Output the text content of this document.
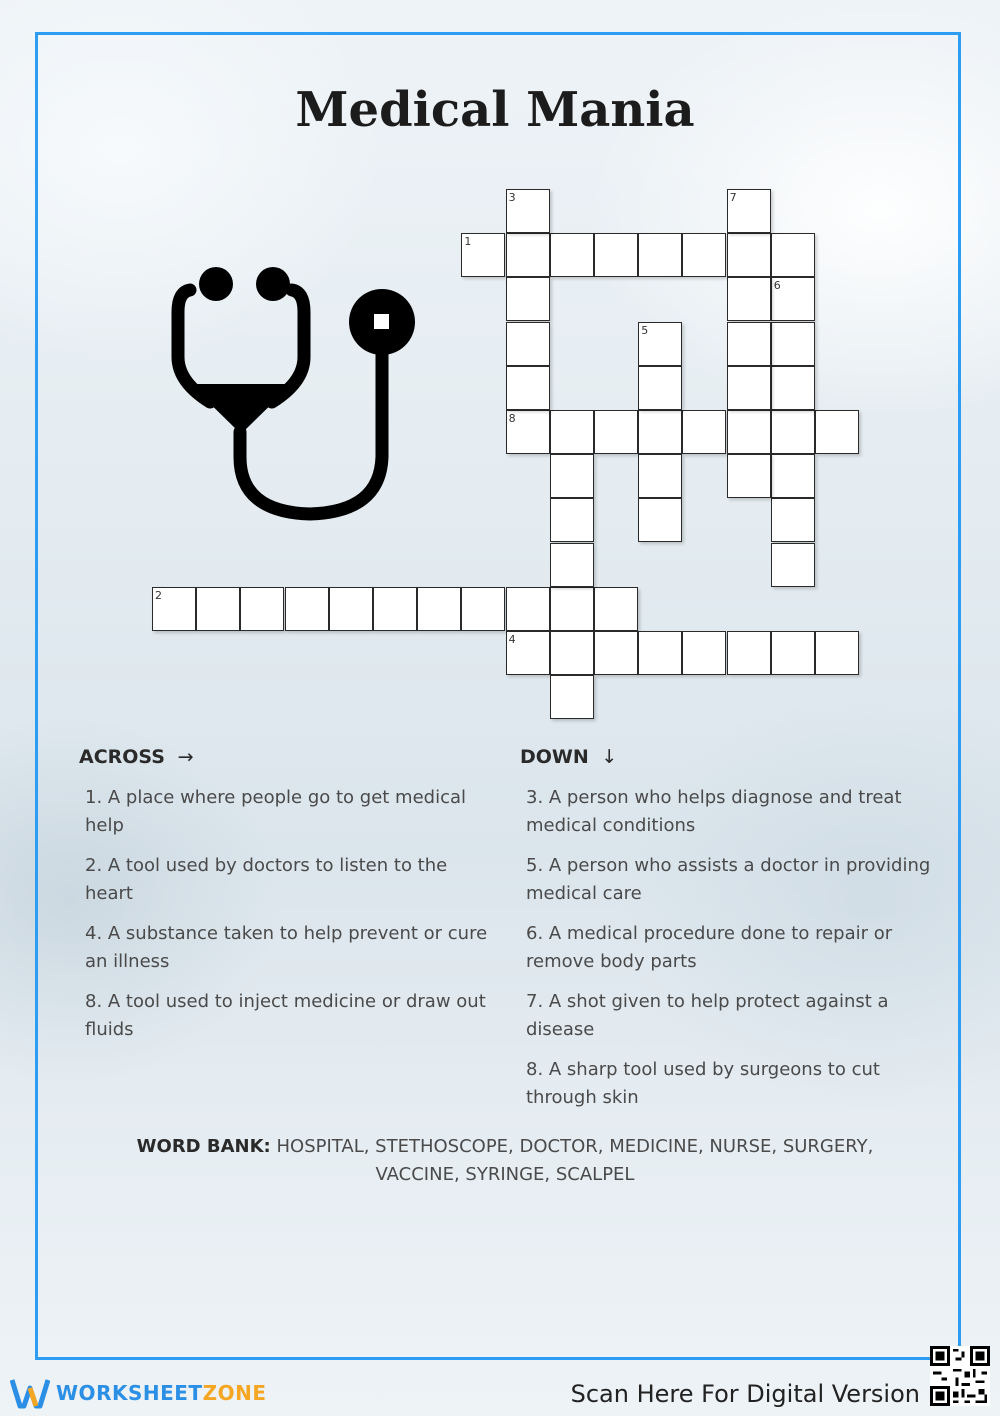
Medical Mania
1
2
4
8
3
5
6
7
ACROSS →
1. A place where people go to get medical help
2. A tool used by doctors to listen to the heart
4. A substance taken to help prevent or cure an illness
8. A tool used to inject medicine or draw out fluids
DOWN ↓
3. A person who helps diagnose and treat medical conditions
5. A person who assists a doctor in providing medical care
6. A medical procedure done to repair or remove body parts
7. A shot given to help protect against a disease
8. A sharp tool used by surgeons to cut through skin
WORD BANK: HOSPITAL, STETHOSCOPE, DOCTOR, MEDICINE, NURSE, SURGERY, VACCINE, SYRINGE, SCALPEL
WORKSHEETZONE	Scan Here For Digital Version
